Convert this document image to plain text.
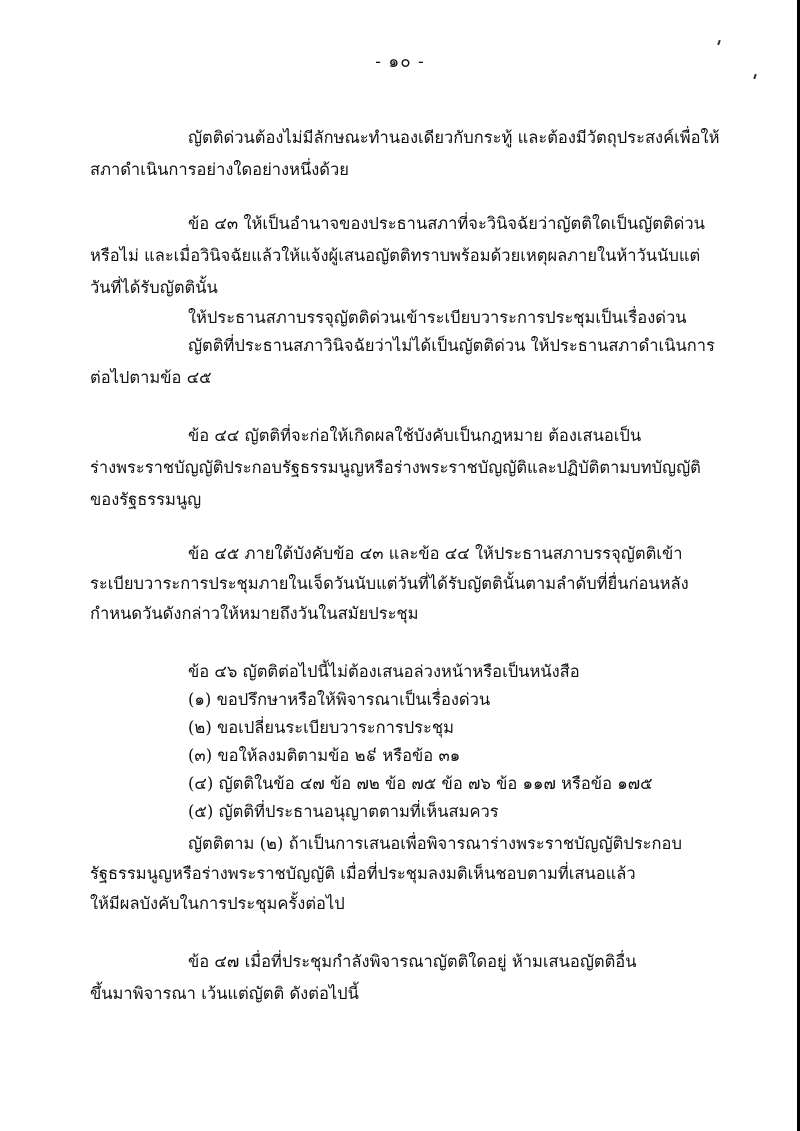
- ๑๐ -
ญัตติด่วนต้องไม่มีลักษณะทำนองเดียวกับกระทู้ และต้องมีวัตถุประสงค์เพื่อให้
สภาดำเนินการอย่างใดอย่างหนึ่งด้วย
ข้อ ๔๓ ให้เป็นอำนาจของประธานสภาที่จะวินิจฉัยว่าญัตติใดเป็นญัตติด่วน
หรือไม่ และเมื่อวินิจฉัยแล้วให้แจ้งผู้เสนอญัตติทราบพร้อมด้วยเหตุผลภายในห้าวันนับแต่
วันที่ได้รับญัตตินั้น
ให้ประธานสภาบรรจุญัตติด่วนเข้าระเบียบวาระการประชุมเป็นเรื่องด่วน
ญัตติที่ประธานสภาวินิจฉัยว่าไม่ได้เป็นญัตติด่วน ให้ประธานสภาดำเนินการ
ต่อไปตามข้อ ๔๕
ข้อ ๔๔ ญัตติที่จะก่อให้เกิดผลใช้บังคับเป็นกฎหมาย ต้องเสนอเป็น
ร่างพระราชบัญญัติประกอบรัฐธรรมนูญหรือร่างพระราชบัญญัติและปฏิบัติตามบทบัญญัติ
ของรัฐธรรมนูญ
ข้อ ๔๕ ภายใต้บังคับข้อ ๔๓ และข้อ ๔๔ ให้ประธานสภาบรรจุญัตติเข้า
ระเบียบวาระการประชุมภายในเจ็ดวันนับแต่วันที่ได้รับญัตตินั้นตามลำดับที่ยื่นก่อนหลัง
กำหนดวันดังกล่าวให้หมายถึงวันในสมัยประชุม
ข้อ ๔๖ ญัตติต่อไปนี้ไม่ต้องเสนอล่วงหน้าหรือเป็นหนังสือ
(๑) ขอปรึกษาหรือให้พิจารณาเป็นเรื่องด่วน
(๒) ขอเปลี่ยนระเบียบวาระการประชุม
(๓) ขอให้ลงมติตามข้อ ๒៩ หรือข้อ ๓๑
(๔) ญัตติในข้อ ๔๗ ข้อ ๗๒ ข้อ ๗๕ ข้อ ๗๖ ข้อ ๑๑๗ หรือข้อ ๑๗๕
(๕) ญัตติที่ประธานอนุญาตตามที่เห็นสมควร
ญัตติตาม (๒) ถ้าเป็นการเสนอเพื่อพิจารณาร่างพระราชบัญญัติประกอบ
รัฐธรรมนูญหรือร่างพระราชบัญญัติ เมื่อที่ประชุมลงมติเห็นชอบตามที่เสนอแล้ว
ให้มีผลบังคับในการประชุมครั้งต่อไป
ข้อ ๔๗ เมื่อที่ประชุมกำลังพิจารณาญัตติใดอยู่ ห้ามเสนอญัตติอื่น
ขึ้นมาพิจารณา เว้นแต่ญัตติ ดังต่อไปนี้
